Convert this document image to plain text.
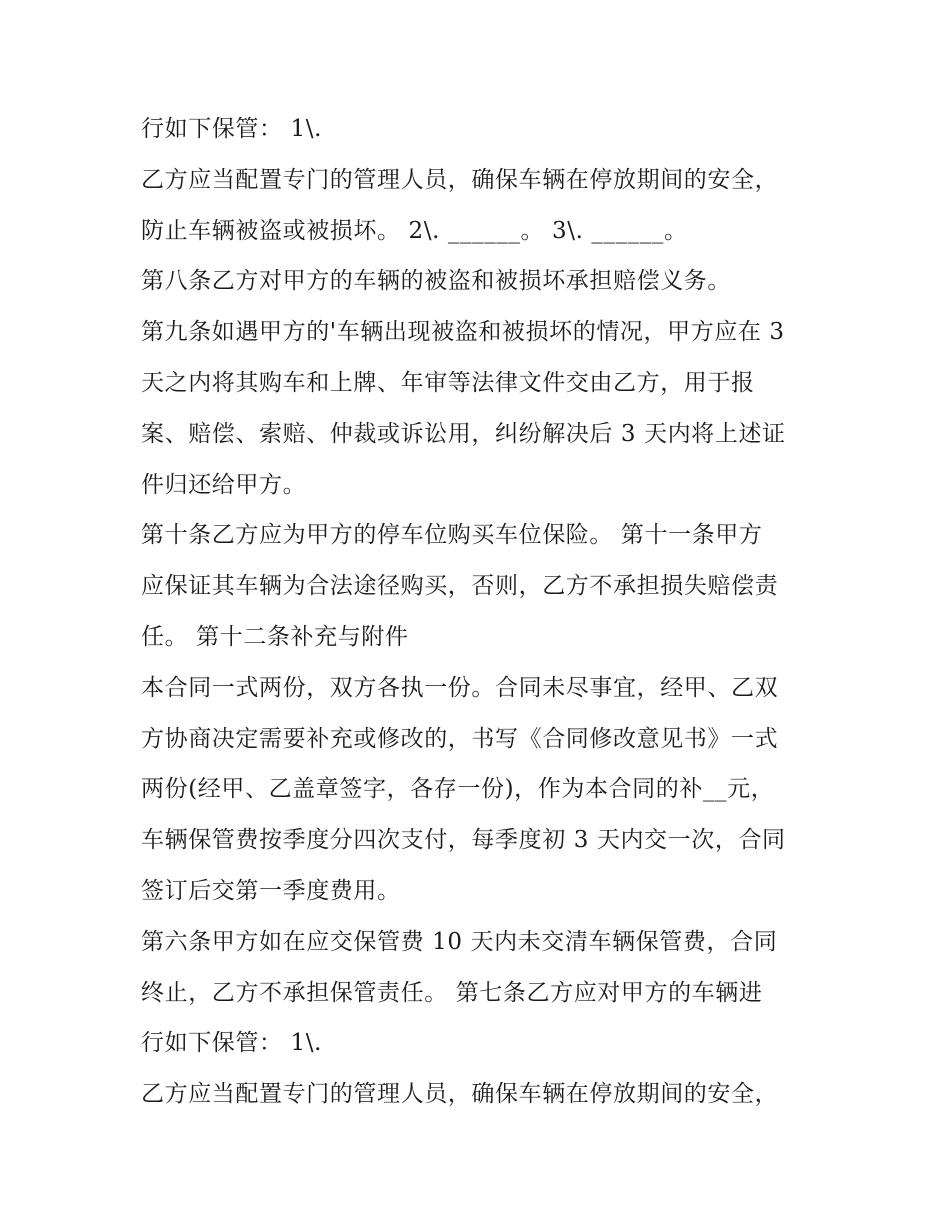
行如下保管： 1\.
乙方应当配置专门的管理人员，确保车辆在停放期间的安全，
防止车辆被盗或被损坏。 2\. ______。 3\. ______。
第八条乙方对甲方的车辆的被盗和被损坏承担赔偿义务。
第九条如遇甲方的'车辆出现被盗和被损坏的情况，甲方应在 3
天之内将其购车和上牌、年审等法律文件交由乙方，用于报
案、赔偿、索赔、仲裁或诉讼用，纠纷解决后 3 天内将上述证
件归还给甲方。
第十条乙方应为甲方的停车位购买车位保险。 第十一条甲方
应保证其车辆为合法途径购买，否则，乙方不承担损失赔偿责
任。 第十二条补充与附件
本合同一式两份，双方各执一份。合同未尽事宜，经甲、乙双
方协商决定需要补充或修改的，书写《合同修改意见书》一式
两份(经甲、乙盖章签字，各存一份)，作为本合同的补__元，
车辆保管费按季度分四次支付，每季度初 3 天内交一次，合同
签订后交第一季度费用。
第六条甲方如在应交保管费 10 天内未交清车辆保管费，合同
终止，乙方不承担保管责任。 第七条乙方应对甲方的车辆进
行如下保管： 1\.
乙方应当配置专门的管理人员，确保车辆在停放期间的安全，
